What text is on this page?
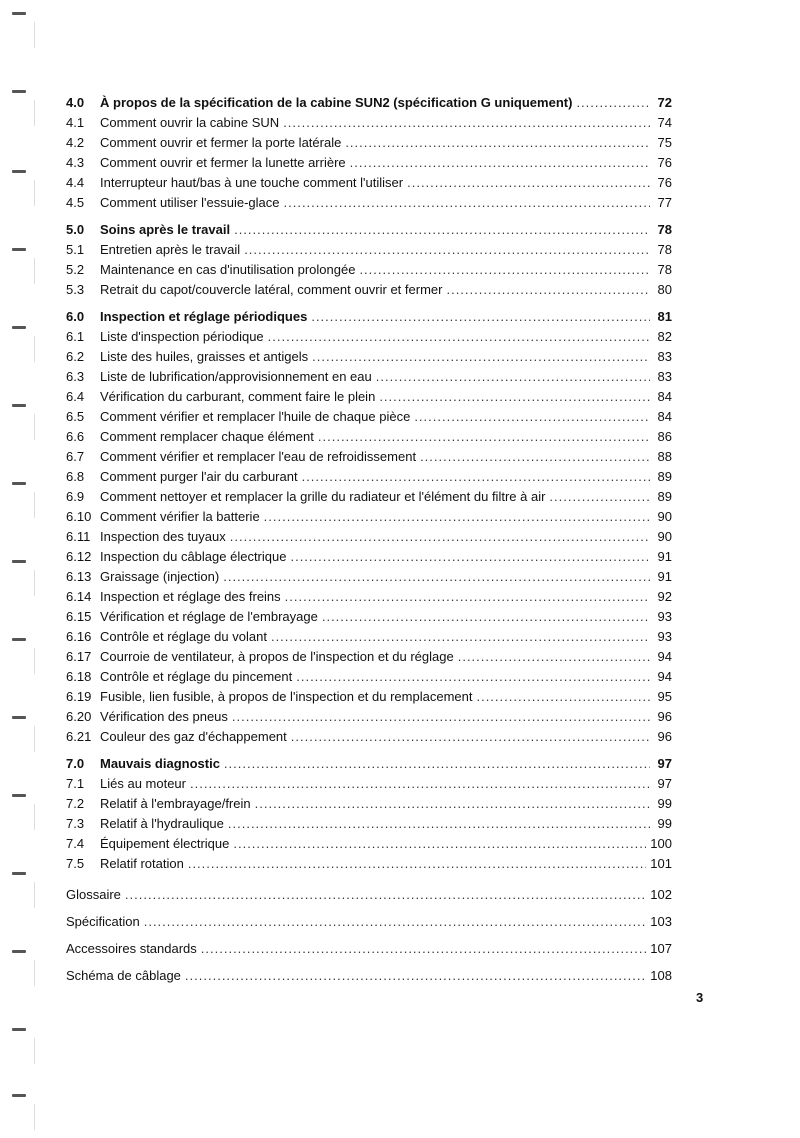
4.0	À propos de la spécification de la cabine SUN2 (spécification G uniquement) .....	72
4.1	Comment ouvrir la cabine SUN .....	74
4.2	Comment ouvrir et fermer la porte latérale .....	75
4.3	Comment ouvrir et fermer la lunette arrière .....	76
4.4	Interrupteur haut/bas à une touche comment l'utiliser .....	76
4.5	Comment utiliser l'essuie-glace .....	77
5.0	Soins après le travail .....	78
5.1	Entretien après le travail .....	78
5.2	Maintenance en cas d'inutilisation prolongée .....	78
5.3	Retrait du capot/couvercle latéral, comment ouvrir et fermer .....	80
6.0	Inspection et réglage périodiques .....	81
6.1	Liste d'inspection périodique .....	82
6.2	Liste des huiles, graisses et antigels .....	83
6.3	Liste de lubrification/approvisionnement en eau .....	83
6.4	Vérification du carburant, comment faire le plein .....	84
6.5	Comment vérifier et remplacer l'huile de chaque pièce .....	84
6.6	Comment remplacer chaque élément .....	86
6.7	Comment vérifier et remplacer l'eau de refroidissement .....	88
6.8	Comment purger l'air du carburant .....	89
6.9	Comment nettoyer et remplacer la grille du radiateur et l'élément du filtre à air .....	89
6.10 Comment vérifier la batterie .....	90
6.11 Inspection des tuyaux .....	90
6.12 Inspection du câblage électrique .....	91
6.13 Graissage (injection) .....	91
6.14 Inspection et réglage des freins .....	92
6.15 Vérification et réglage de l'embrayage .....	93
6.16 Contrôle et réglage du volant .....	93
6.17 Courroie de ventilateur, à propos de l'inspection et du réglage .....	94
6.18 Contrôle et réglage du pincement .....	94
6.19 Fusible, lien fusible, à propos de l'inspection et du remplacement .....	95
6.20 Vérification des pneus .....	96
6.21 Couleur des gaz d'échappement .....	96
7.0	Mauvais diagnostic .....	97
7.1	Liés au moteur .....	97
7.2	Relatif à l'embrayage/frein .....	99
7.3	Relatif à l'hydraulique .....	99
7.4	Équipement électrique .....	100
7.5	Relatif rotation .....	101
Glossaire .....	102
Spécification .....	103
Accessoires standards .....	107
Schéma de câblage .....	108
3
